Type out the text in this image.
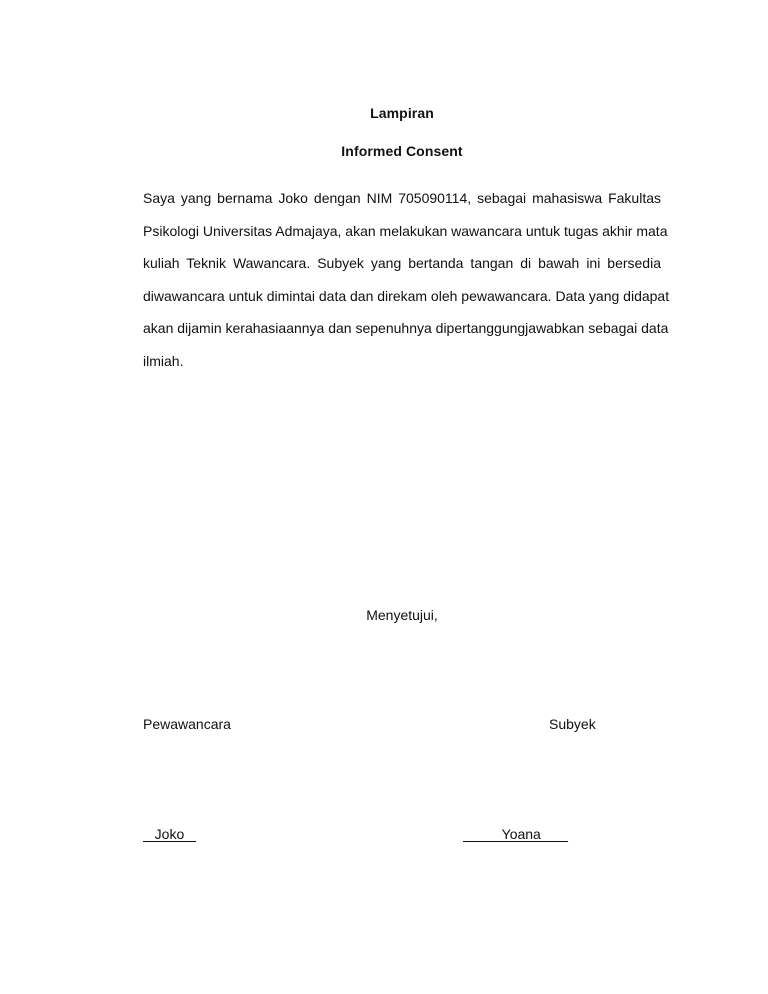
Lampiran
Informed Consent
Saya yang bernama Joko dengan NIM 705090114, sebagai mahasiswa Fakultas
Psikologi Universitas Admajaya, akan melakukan wawancara untuk tugas akhir mata
kuliah Teknik Wawancara. Subyek yang bertanda tangan di bawah ini bersedia
diwawancara untuk dimintai data dan direkam oleh pewawancara. Data yang didapat
akan dijamin kerahasiaannya dan sepenuhnya dipertanggungjawabkan sebagai data
ilmiah.
Menyetujui,
Pewawancara	Subyek
Joko	Yoana
